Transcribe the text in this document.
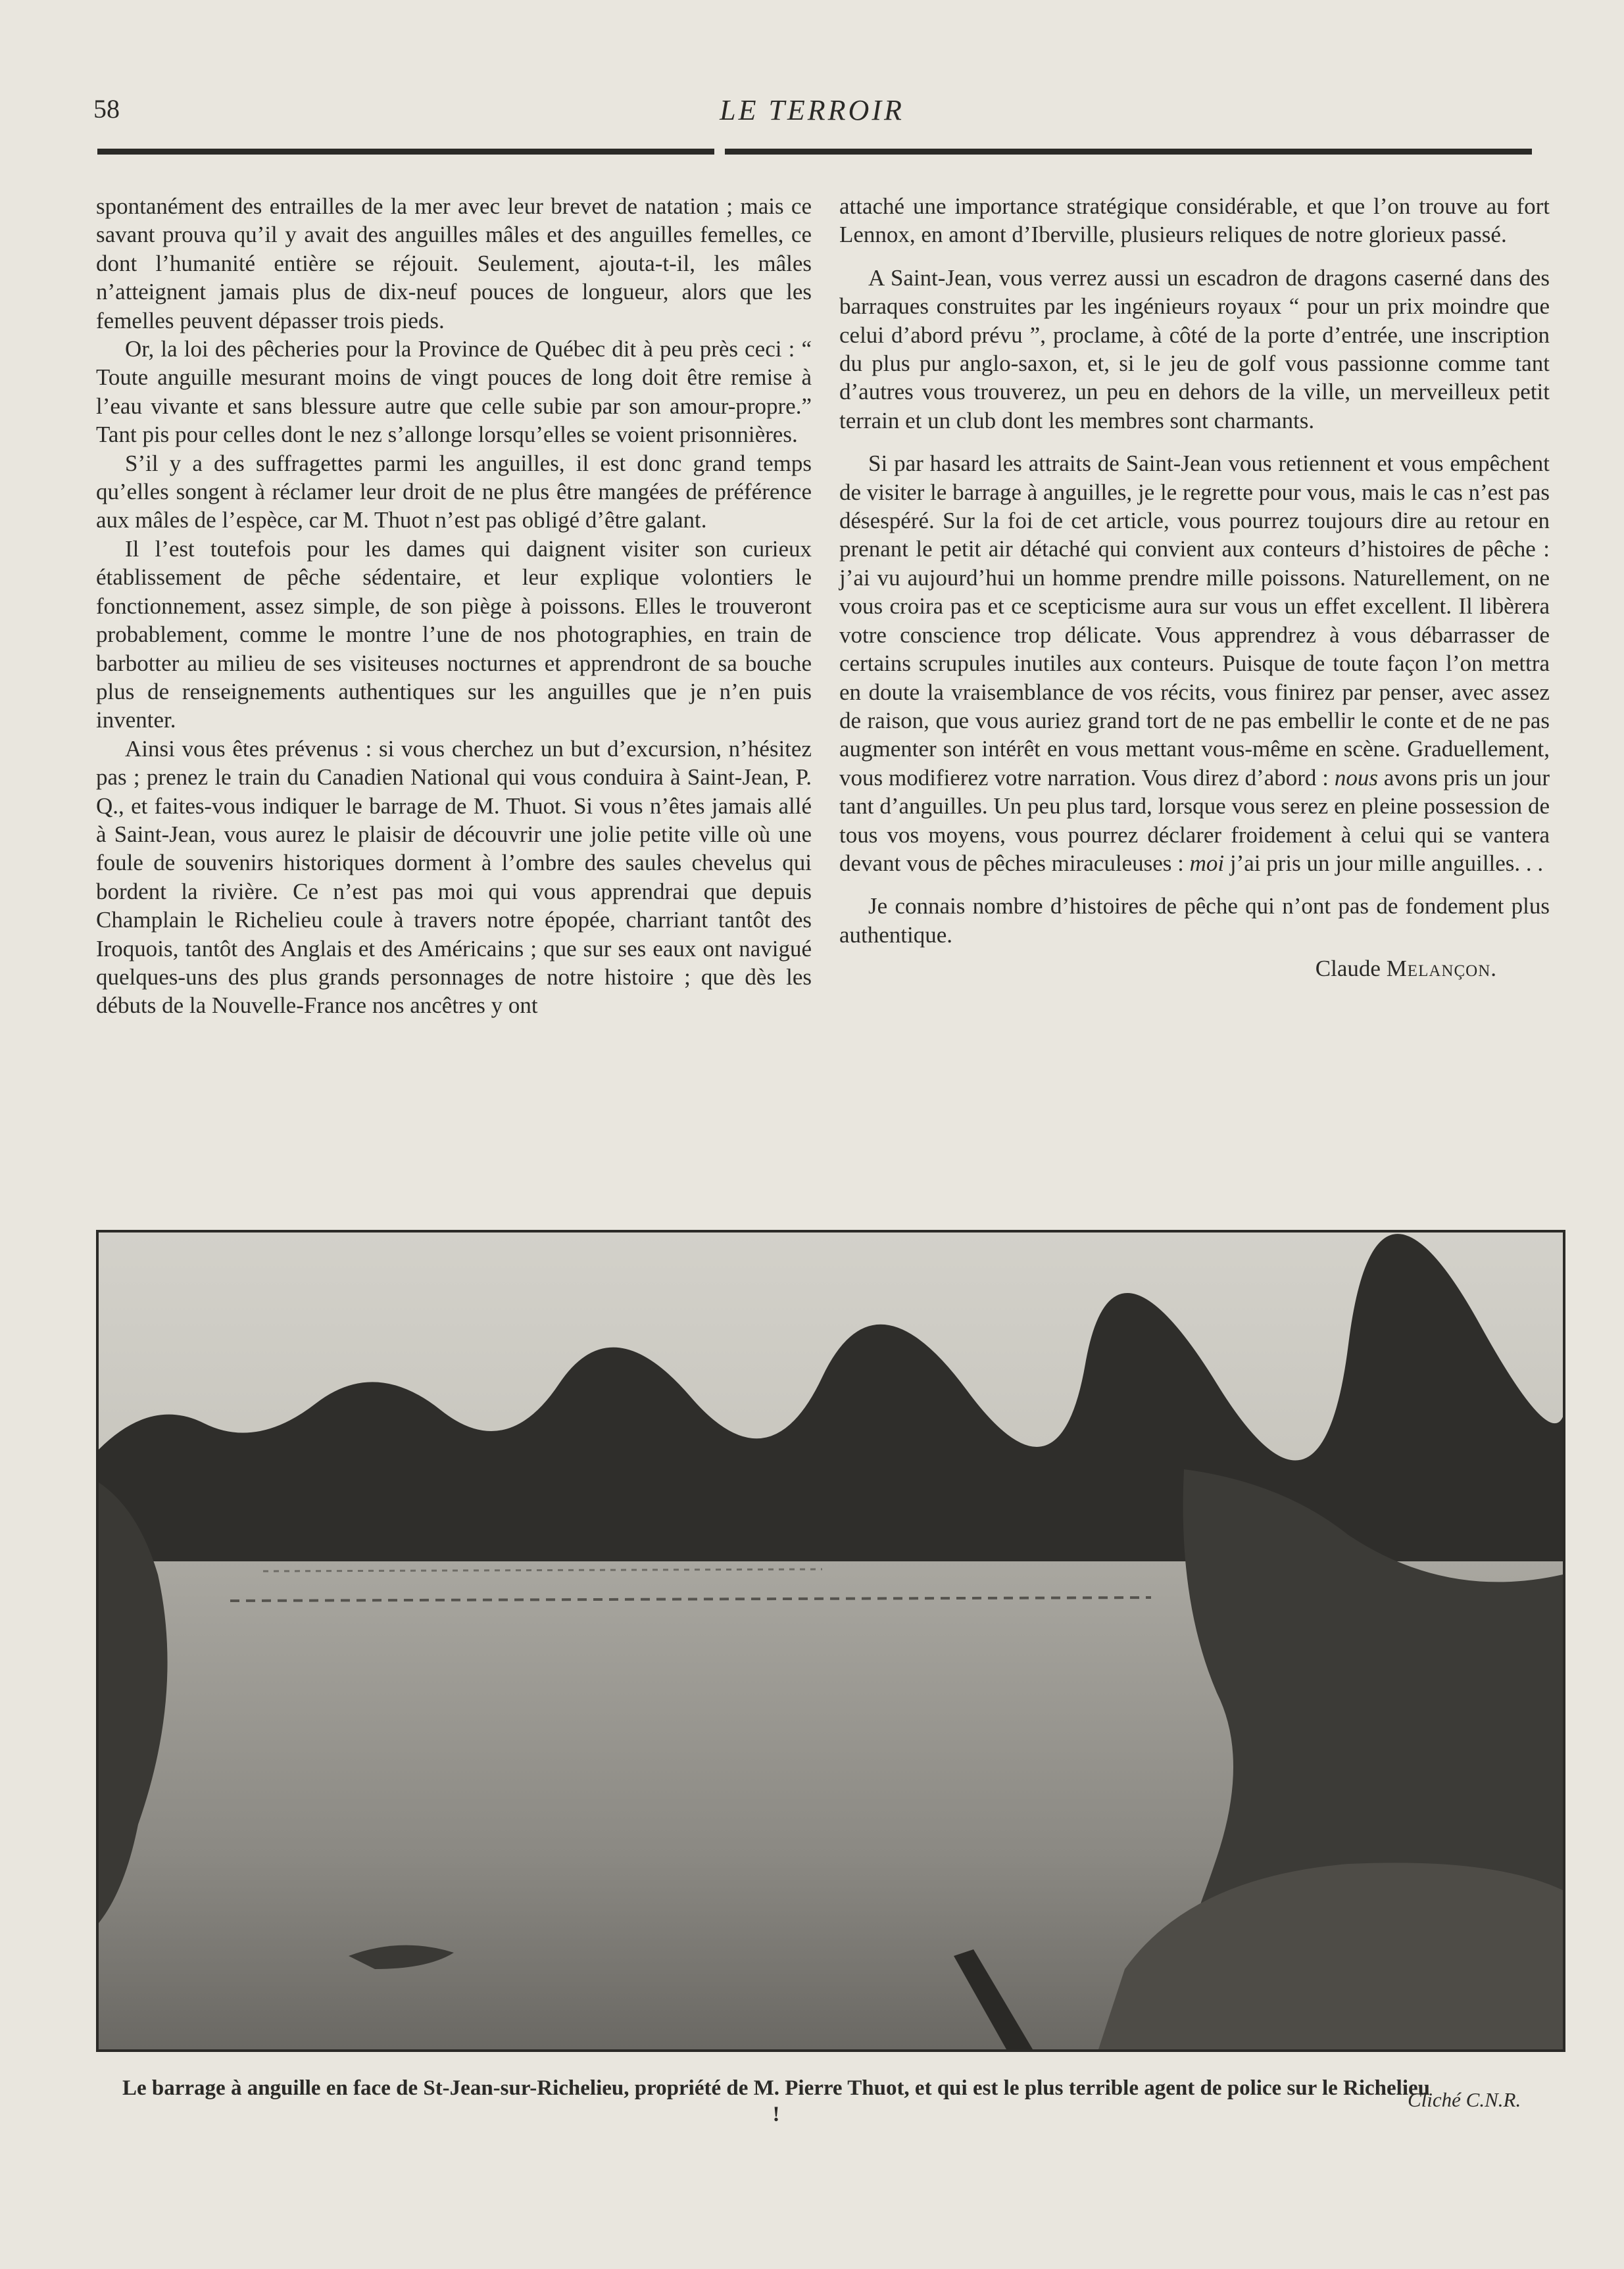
58	LE TERROIR

spontanément des entrailles de la mer avec leur brevet de natation ; mais ce savant prouva qu’il y avait des anguilles mâles et des anguilles femelles, ce dont l’humanité entière se réjouit. Seulement, ajouta-t-il, les mâles n’atteignent jamais plus de dix-neuf pouces de longueur, alors que les femelles peuvent dépasser trois pieds.

Or, la loi des pêcheries pour la Province de Québec dit à peu près ceci : “ Toute anguille mesurant moins de vingt pouces de long doit être remise à l’eau vivante et sans blessure autre que celle subie par son amour-propre.” Tant pis pour celles dont le nez s’allonge lorsqu’elles se voient prisonnières.

S’il y a des suffragettes parmi les anguilles, il est donc grand temps qu’elles songent à réclamer leur droit de ne plus être mangées de préférence aux mâles de l’espèce, car M. Thuot n’est pas obligé d’être galant.

Il l’est toutefois pour les dames qui daignent visiter son curieux établissement de pêche sédentaire, et leur explique volontiers le fonctionnement, assez simple, de son piège à poissons. Elles le trouveront probablement, comme le montre l’une de nos photographies, en train de barbotter au milieu de ses visiteuses nocturnes et apprendront de sa bouche plus de renseignements authentiques sur les anguilles que je n’en puis inventer.

Ainsi vous êtes prévenus : si vous cherchez un but d’excursion, n’hésitez pas ; prenez le train du Canadien National qui vous conduira à Saint-Jean, P. Q., et faites-vous indiquer le barrage de M. Thuot. Si vous n’êtes jamais allé à Saint-Jean, vous aurez le plaisir de découvrir une jolie petite ville où une foule de souvenirs historiques dorment à l’ombre des saules chevelus qui bordent la rivière. Ce n’est pas moi qui vous apprendrai que depuis Champlain le Richelieu coule à travers notre épopée, charriant tantôt des Iroquois, tantôt des Anglais et des Américains ; que sur ses eaux ont navigué quelques-uns des plus grands personnages de notre histoire ; que dès les débuts de la Nouvelle-France nos ancêtres y ont

attaché une importance stratégique considérable, et que l’on trouve au fort Lennox, en amont d’Iberville, plusieurs reliques de notre glorieux passé.

A Saint-Jean, vous verrez aussi un escadron de dragons caserné dans des barraques construites par les ingénieurs royaux “ pour un prix moindre que celui d’abord prévu ”, proclame, à côté de la porte d’entrée, une inscription du plus pur anglo-saxon, et, si le jeu de golf vous passionne comme tant d’autres vous trouverez, un peu en dehors de la ville, un merveilleux petit terrain et un club dont les membres sont charmants.

Si par hasard les attraits de Saint-Jean vous retiennent et vous empêchent de visiter le barrage à anguilles, je le regrette pour vous, mais le cas n’est pas désespéré. Sur la foi de cet article, vous pourrez toujours dire au retour en prenant le petit air détaché qui convient aux conteurs d’histoires de pêche : j’ai vu aujourd’hui un homme prendre mille poissons. Naturellement, on ne vous croira pas et ce scepticisme aura sur vous un effet excellent. Il libèrera votre conscience trop délicate. Vous apprendrez à vous débarrasser de certains scrupules inutiles aux conteurs. Puisque de toute façon l’on mettra en doute la vraisemblance de vos récits, vous finirez par penser, avec assez de raison, que vous auriez grand tort de ne pas embellir le conte et de ne pas augmenter son intérêt en vous mettant vous-même en scène. Graduellement, vous modifierez votre narration. Vous direz d’abord : nous avons pris un jour tant d’anguilles. Un peu plus tard, lorsque vous serez en pleine possession de tous vos moyens, vous pourrez déclarer froidement à celui qui se vantera devant vous de pêches miraculeuses : moi j’ai pris un jour mille anguilles. . .

Je connais nombre d’histoires de pêche qui n’ont pas de fondement plus authentique.

Claude Melançon.
Le barrage à anguille en face de St-Jean-sur-Richelieu, propriété de M. Pierre Thuot, et qui est le plus terrible agent de police sur le Richelieu !
Cliché C.N.R.
